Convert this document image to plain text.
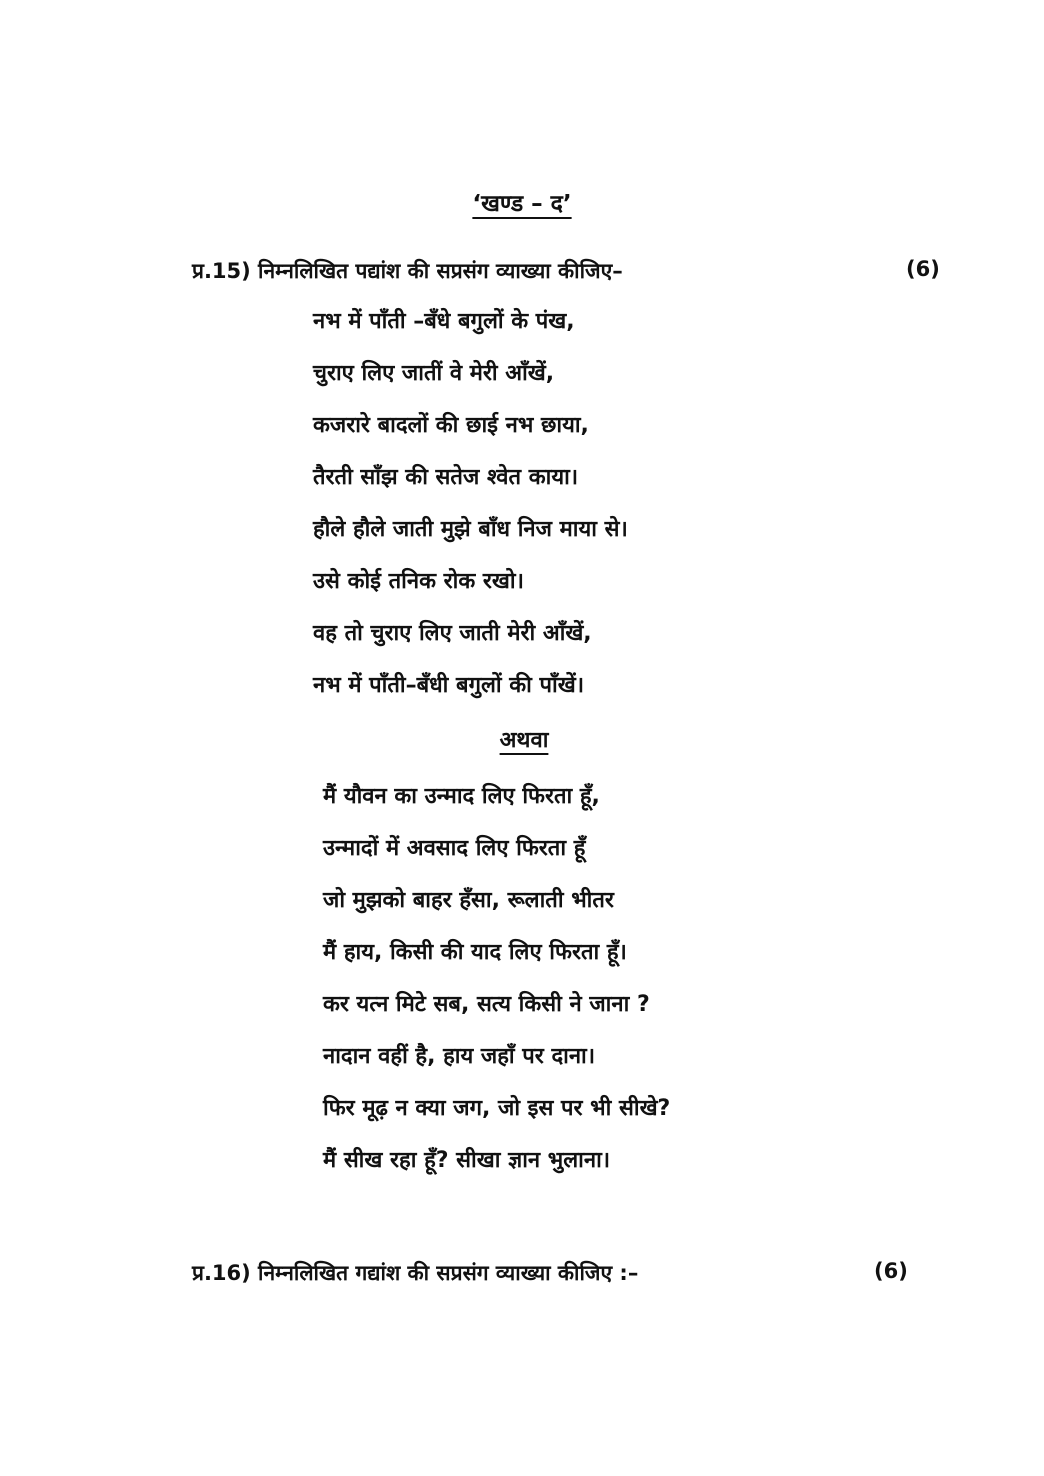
‘खण्ड – द’
प्र.15) निम्नलिखित पद्यांश की सप्रसंग व्याख्या कीजिए–	(6)
नभ में पाँती –बँधे बगुलों के पंख,
चुराए लिए जातीं वे मेरी आँखें,
कजरारे बादलों की छाई नभ छाया,
तैरती साँझ की सतेज श्वेत काया।
हौले हौले जाती मुझे बाँध निज माया से।
उसे कोई तनिक रोक रखो।
वह तो चुराए लिए जाती मेरी आँखें,
नभ में पाँती–बँधी बगुलों की पाँखें।
अथवा
मैं यौवन का उन्माद लिए फिरता हूँ,
उन्मादों में अवसाद लिए फिरता हूँ
जो मुझको बाहर हँसा, रूलाती भीतर
मैं हाय, किसी की याद लिए फिरता हूँ।
कर यत्न मिटे सब, सत्य किसी ने जाना ?
नादान वहीं है, हाय जहाँ पर दाना।
फिर मूढ़ न क्या जग, जो इस पर भी सीखे?
मैं सीख रहा हूँ? सीखा ज्ञान भुलाना।
प्र.16) निम्नलिखित गद्यांश की सप्रसंग व्याख्या कीजिए :–	(6)
